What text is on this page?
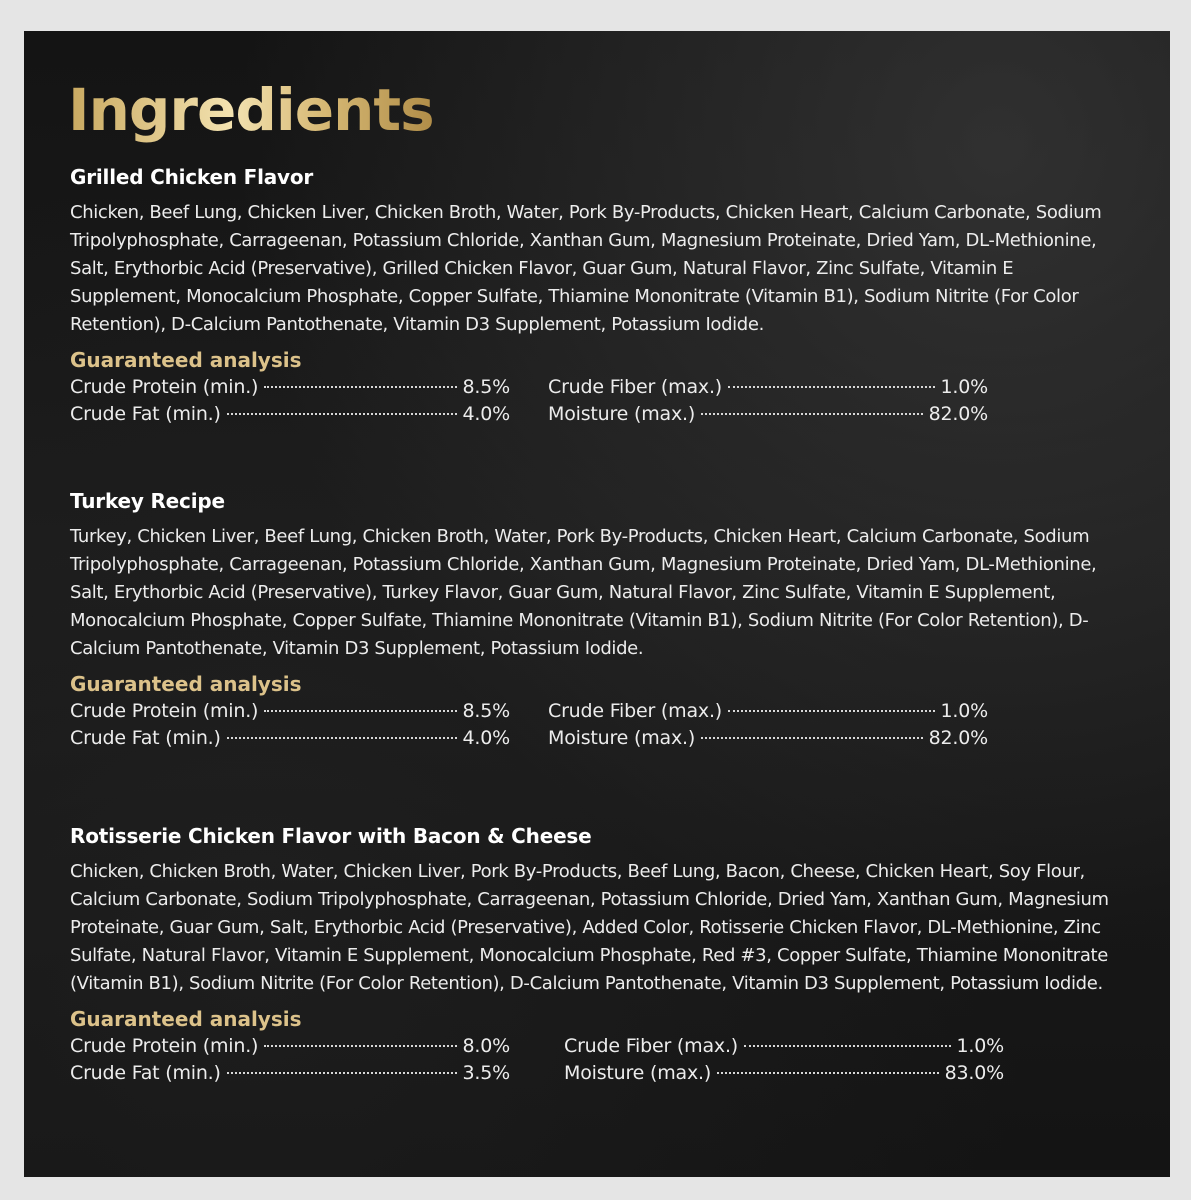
Ingredients
Grilled Chicken Flavor

Chicken, Beef Lung, Chicken Liver, Chicken Broth, Water, Pork By-Products, Chicken Heart, Calcium Carbonate, Sodium Tripolyphosphate, Carrageenan, Potassium Chloride, Xanthan Gum, Magnesium Proteinate, Dried Yam, DL-Methionine, Salt, Erythorbic Acid (Preservative), Grilled Chicken Flavor, Guar Gum, Natural Flavor, Zinc Sulfate, Vitamin E Supplement, Monocalcium Phosphate, Copper Sulfate, Thiamine Mononitrate (Vitamin B1), Sodium Nitrite (For Color Retention), D-Calcium Pantothenate, Vitamin D3 Supplement, Potassium Iodide.

Guaranteed analysis
Crude Protein (min.)	8.5% Crude Fiber (max.)	1.0%
Crude Fat (min.)	4.0% Moisture (max.)	82.0%
Turkey Recipe

Turkey, Chicken Liver, Beef Lung, Chicken Broth, Water, Pork By-Products, Chicken Heart, Calcium Carbonate, Sodium Tripolyphosphate, Carrageenan, Potassium Chloride, Xanthan Gum, Magnesium Proteinate, Dried Yam, DL-Methionine, Salt, Erythorbic Acid (Preservative), Turkey Flavor, Guar Gum, Natural Flavor, Zinc Sulfate, Vitamin E Supplement, Monocalcium Phosphate, Copper Sulfate, Thiamine Mononitrate (Vitamin B1), Sodium Nitrite (For Color Retention), D-Calcium Pantothenate, Vitamin D3 Supplement, Potassium Iodide.

Guaranteed analysis
Crude Protein (min.)	8.5% Crude Fiber (max.)	1.0%
Crude Fat (min.)	4.0% Moisture (max.)	82.0%
Rotisserie Chicken Flavor with Bacon & Cheese

Chicken, Chicken Broth, Water, Chicken Liver, Pork By-Products, Beef Lung, Bacon, Cheese, Chicken Heart, Soy Flour, Calcium Carbonate, Sodium Tripolyphosphate, Carrageenan, Potassium Chloride, Dried Yam, Xanthan Gum, Magnesium Proteinate, Guar Gum, Salt, Erythorbic Acid (Preservative), Added Color, Rotisserie Chicken Flavor, DL-Methionine, Zinc Sulfate, Natural Flavor, Vitamin E Supplement, Monocalcium Phosphate, Red #3, Copper Sulfate, Thiamine Mononitrate (Vitamin B1), Sodium Nitrite (For Color Retention), D-Calcium Pantothenate, Vitamin D3 Supplement, Potassium Iodide.

Guaranteed analysis
Crude Protein (min.)	8.0%	Crude Fiber (max.)	1.0%
Crude Fat (min.)	3.5%	Moisture (max.)	83.0%
